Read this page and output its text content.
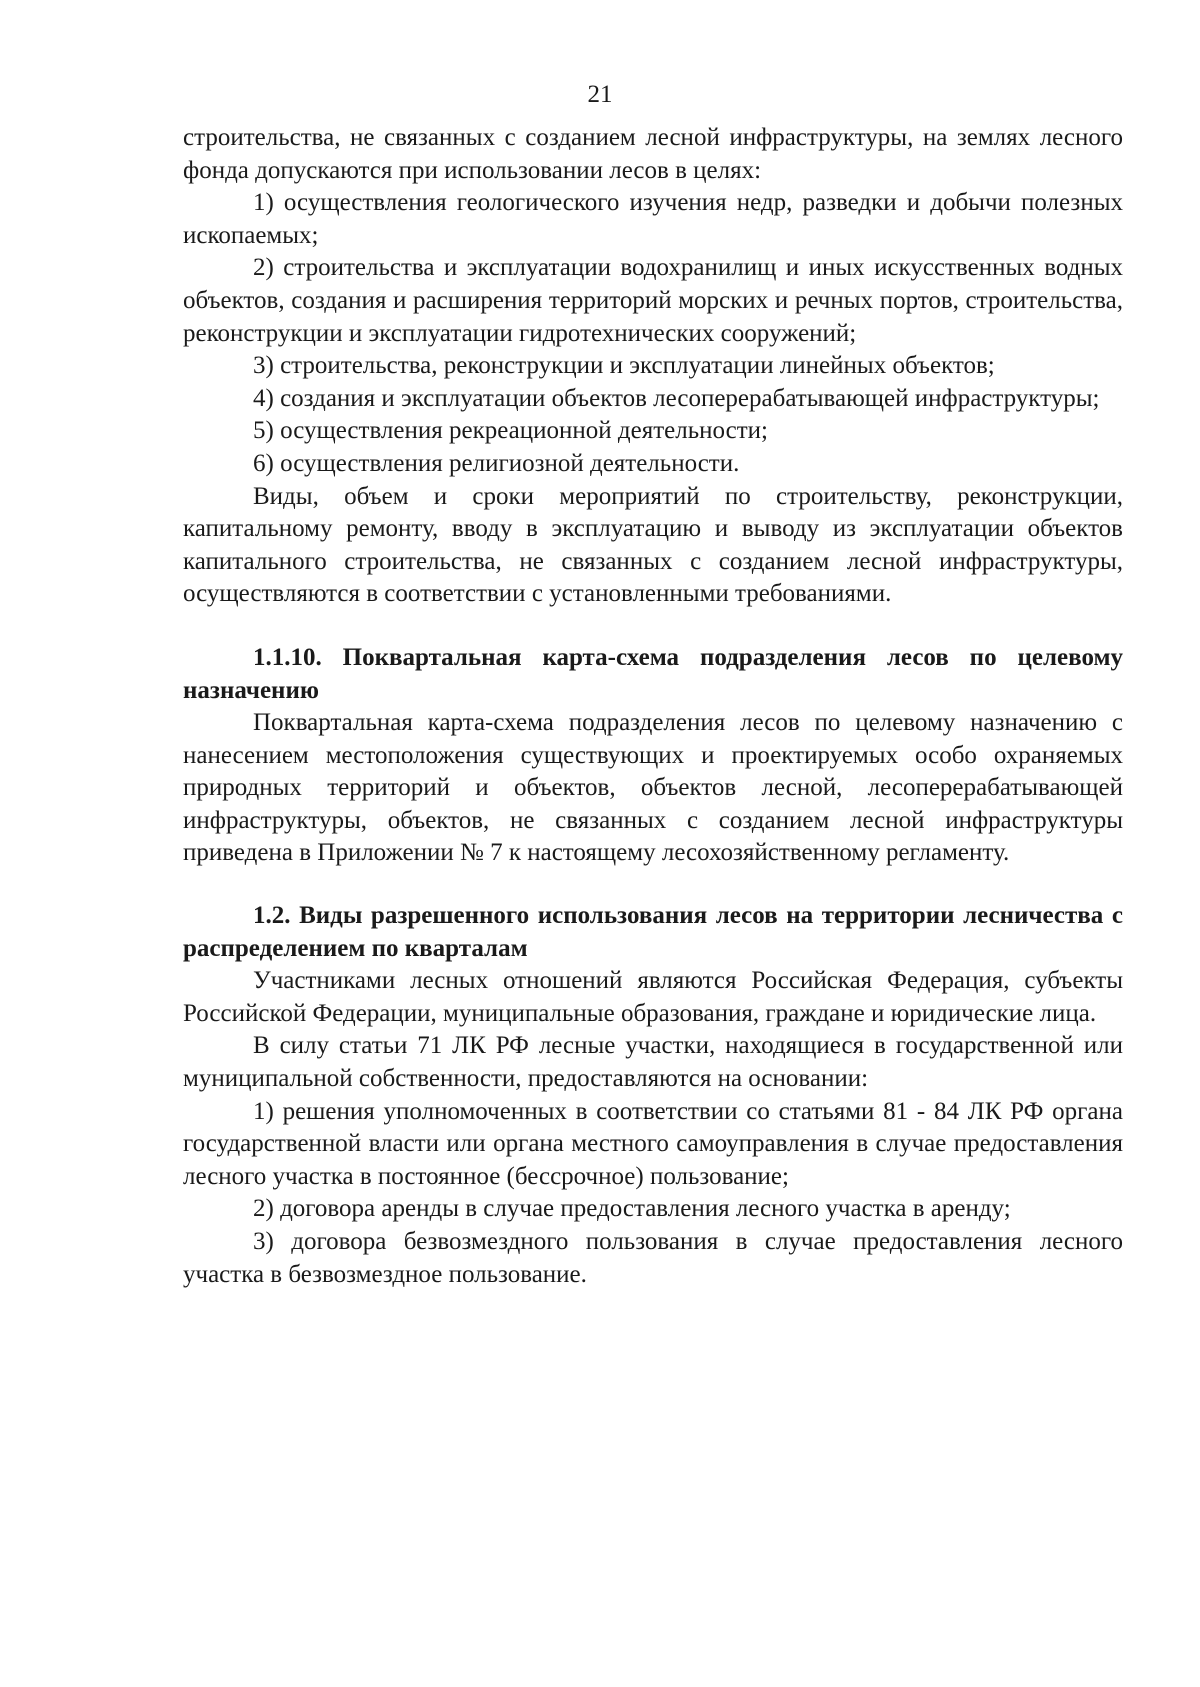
21

строительства, не связанных с созданием лесной инфраструктуры, на землях лесного фонда допускаются при использовании лесов в целях:

1) осуществления геологического изучения недр, разведки и добычи полезных ископаемых;

2) строительства и эксплуатации водохранилищ и иных искусственных водных объектов, создания и расширения территорий морских и речных портов, строительства, реконструкции и эксплуатации гидротехнических сооружений;

3) строительства, реконструкции и эксплуатации линейных объектов;

4) создания и эксплуатации объектов лесоперерабатывающей инфраструктуры;

5) осуществления рекреационной деятельности;

6) осуществления религиозной деятельности.

Виды, объем и сроки мероприятий по строительству, реконструкции, капитальному ремонту, вводу в эксплуатацию и выводу из эксплуатации объектов капитального строительства, не связанных с созданием лесной инфраструктуры, осуществляются в соответствии с установленными требованиями.

1.1.10. Поквартальная карта-схема подразделения лесов по целевому назначению

Поквартальная карта-схема подразделения лесов по целевому назначению с нанесением местоположения существующих и проектируемых особо охраняемых природных территорий и объектов, объектов лесной, лесоперерабатывающей инфраструктуры, объектов, не связанных с созданием лесной инфраструктуры приведена в Приложении № 7 к настоящему лесохозяйственному регламенту.

1.2. Виды разрешенного использования лесов на территории лесничества с распределением по кварталам

Участниками лесных отношений являются Российская Федерация, субъекты Российской Федерации, муниципальные образования, граждане и юридические лица.

В силу статьи 71 ЛК РФ лесные участки, находящиеся в государственной или муниципальной собственности, предоставляются на основании:

1) решения уполномоченных в соответствии со статьями 81 - 84 ЛК РФ органа государственной власти или органа местного самоуправления в случае предоставления лесного участка в постоянное (бессрочное) пользование;

2) договора аренды в случае предоставления лесного участка в аренду;

3) договора безвозмездного пользования в случае предоставления лесного участка в безвозмездное пользование.
